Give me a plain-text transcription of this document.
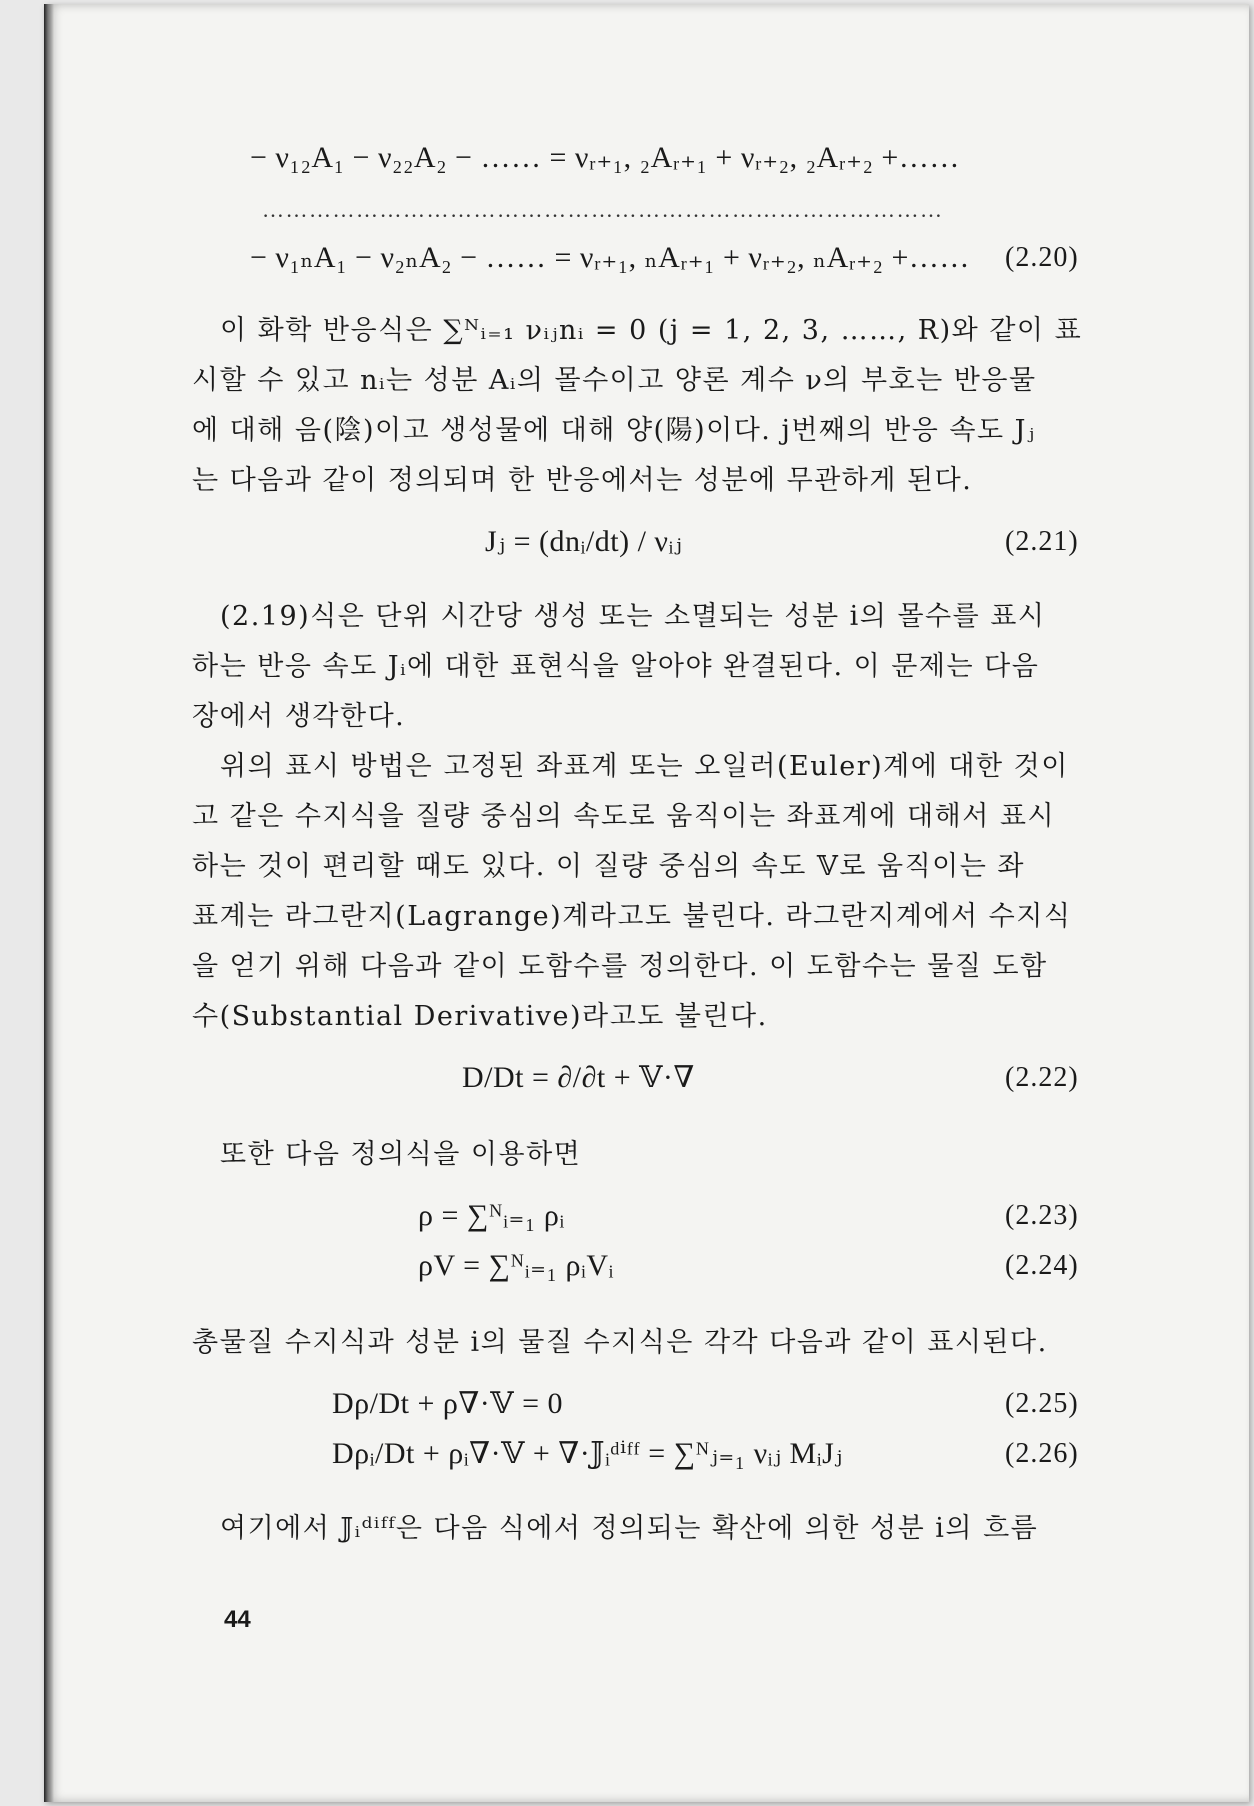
− ν₁₂A₁ − ν₂₂A₂ − …… = νᵣ₊₁, ₂Aᵣ₊₁ + νᵣ₊₂, ₂Aᵣ₊₂ +……
……………………………………………………………………………
− ν₁ₙA₁ − ν₂ₙA₂ − …… = νᵣ₊₁, ₙAᵣ₊₁ + νᵣ₊₂, ₙAᵣ₊₂ +…… (2.20)
이 화학 반응식은 ∑ᴺᵢ₌₁ νᵢⱼnᵢ = 0 (j = 1, 2, 3, ……, R)와 같이 표
시할 수 있고 nᵢ는 성분 Aᵢ의 몰수이고 양론 계수 ν의 부호는 반응물
에 대해 음(陰)이고 생성물에 대해 양(陽)이다. j번째의 반응 속도 Jⱼ
는 다음과 같이 정의되며 한 반응에서는 성분에 무관하게 된다.
Jⱼ = (dnᵢ/dt) / νᵢⱼ	(2.21)
(2.19)식은 단위 시간당 생성 또는 소멸되는 성분 i의 몰수를 표시
하는 반응 속도 Jᵢ에 대한 표현식을 알아야 완결된다. 이 문제는 다음
장에서 생각한다.
위의 표시 방법은 고정된 좌표계 또는 오일러(Euler)계에 대한 것이
고 같은 수지식을 질량 중심의 속도로 움직이는 좌표계에 대해서 표시
하는 것이 편리할 때도 있다. 이 질량 중심의 속도 𝕍로 움직이는 좌
표계는 라그란지(Lagrange)계라고도 불린다. 라그란지계에서 수지식
을 얻기 위해 다음과 같이 도함수를 정의한다. 이 도함수는 물질 도함
수(Substantial Derivative)라고도 불린다.
D/Dt = ∂/∂t + 𝕍·∇	(2.22)
또한 다음 정의식을 이용하면
ρ = ∑ᴺᵢ₌₁ ρᵢ	(2.23)
ρV = ∑ᴺᵢ₌₁ ρᵢVᵢ	(2.24)
총물질 수지식과 성분 i의 물질 수지식은 각각 다음과 같이 표시된다.
Dρ/Dt + ρ∇·𝕍 = 0	(2.25)
Dρᵢ/Dt + ρᵢ∇·𝕍 + ∇·𝕁ᵢᵈⁱᶠᶠ = ∑ᴺⱼ₌₁ νᵢⱼ MᵢJⱼ	(2.26)
여기에서 𝕁ᵢᵈⁱᶠᶠ은 다음 식에서 정의되는 확산에 의한 성분 i의 흐름
44
